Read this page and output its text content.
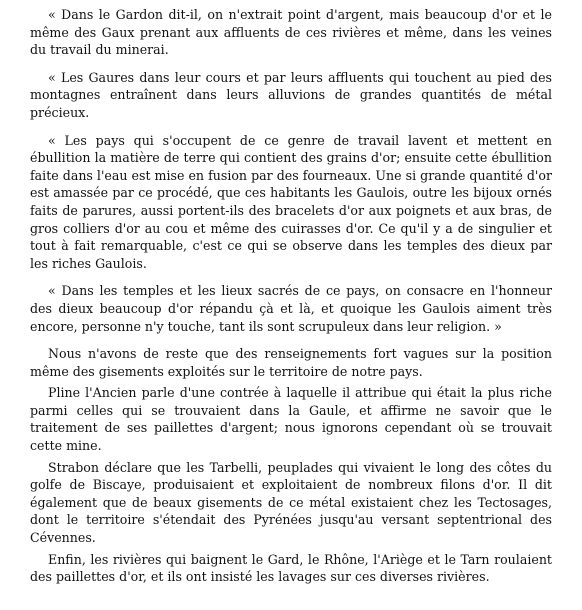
« Dans le Gardon dit-il, on n'extrait point d'argent, mais beaucoup d'or et le même des Gaux prenant aux affluents de ces rivières et même, dans les veines du travail du minerai.

« Les Gaures dans leur cours et par leurs affluents qui touchent au pied des montagnes entraînent dans leurs alluvions de grandes quantités de métal précieux.

« Les pays qui s'occupent de ce genre de travail lavent et mettent en ébullition la matière de terre qui contient des grains d'or; ensuite cette ébullition faite dans l'eau est mise en fusion par des fourneaux. Une si grande quantité d'or est amassée par ce procédé, que ces habitants les Gaulois, outre les bijoux ornés faits de parures, aussi portent-ils des bracelets d'or aux poignets et aux bras, de gros colliers d'or au cou et même des cuirasses d'or. Ce qu'il y a de singulier et tout à fait remarquable, c'est ce qui se observe dans les temples des dieux par les riches Gaulois.

« Dans les temples et les lieux sacrés de ce pays, on consacre en l'honneur des dieux beaucoup d'or répandu çà et là, et quoique les Gaulois aiment très encore, personne n'y touche, tant ils sont scrupuleux dans leur religion. »

Nous n'avons de reste que des renseignements fort vagues sur la position même des gisements exploités sur le territoire de notre pays.

Pline l'Ancien parle d'une contrée à laquelle il attribue qui était la plus riche parmi celles qui se trouvaient dans la Gaule, et affirme ne savoir que le traitement de ses paillettes d'argent; nous ignorons cependant où se trouvait cette mine.

Strabon déclare que les Tarbelli, peuplades qui vivaient le long des côtes du golfe de Biscaye, produisaient et exploitaient de nombreux filons d'or. Il dit également que de beaux gisements de ce métal existaient chez les Tectosages, dont le territoire s'étendait des Pyrénées jusqu'au versant septentrional des Cévennes.

Enfin, les rivières qui baignent le Gard, le Rhône, l'Ariège et le Tarn roulaient des paillettes d'or, et ils ont insisté les lavages sur ces diverses rivières.
